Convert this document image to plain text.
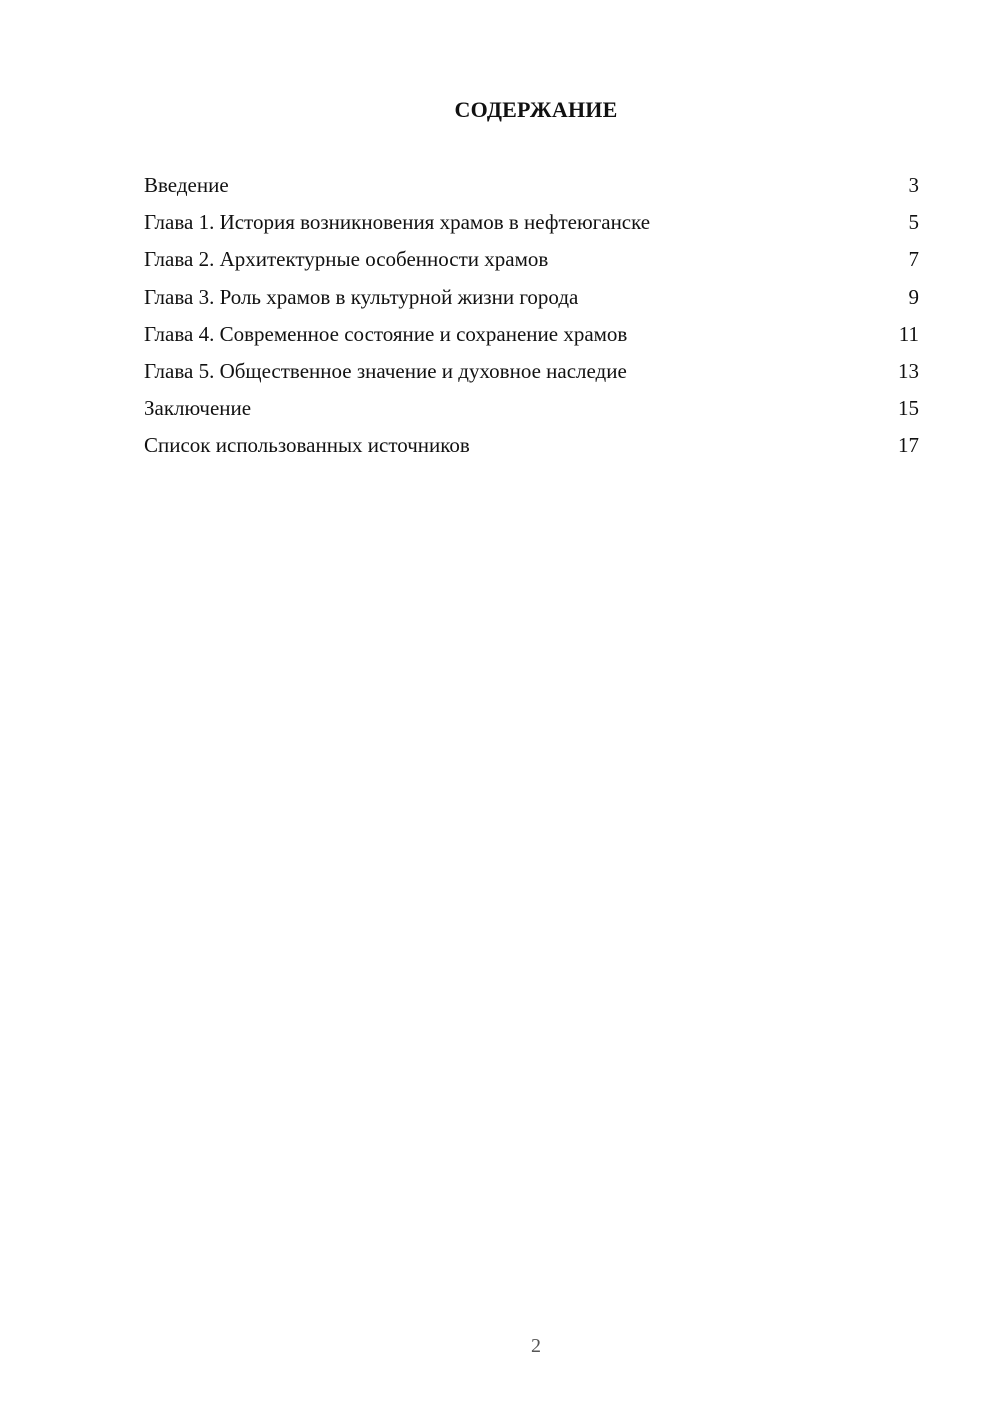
СОДЕРЖАНИЕ
Введение	3
Глава 1. История возникновения храмов в нефтеюганске	5
Глава 2. Архитектурные особенности храмов	7
Глава 3. Роль храмов в культурной жизни города	9
Глава 4. Современное состояние и сохранение храмов	11
Глава 5. Общественное значение и духовное наследие	13
Заключение	15
Список использованных источников	17
2
